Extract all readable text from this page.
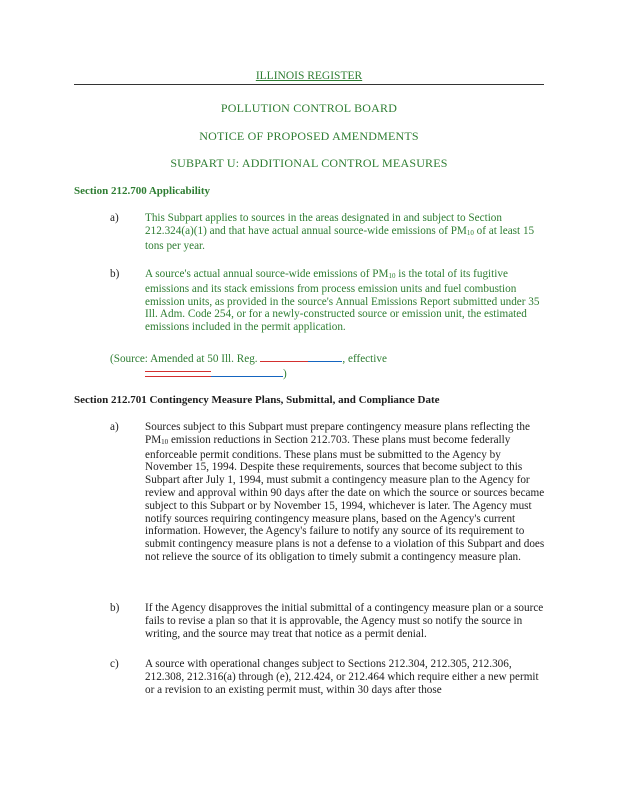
ILLINOIS REGISTER
POLLUTION CONTROL BOARD
NOTICE OF PROPOSED AMENDMENTS
SUBPART U: ADDITIONAL CONTROL MEASURES
Section 212.700 Applicability
a)	This Subpart applies to sources in the areas designated in and subject to Section 212.324(a)(1) and that have actual annual source-wide emissions of $PM_{10}$ of at least 15 tons per year.
b)	A source's actual annual source-wide emissions of $PM_{10}$ is the total of its fugitive emissions and its stack emissions from process emission units and fuel combustion emission units, as provided in the source's Annual Emissions Report submitted under 35 Ill. Adm. Code 254, or for a newly-constructed source or emission unit, the estimated emissions included in the permit application.
(Source: Amended at 50 Ill. Reg.	, effective
)
Section 212.701 Contingency Measure Plans, Submittal, and Compliance Date
a)	Sources subject to this Subpart must prepare contingency measure plans reflecting the $PM_{10}$ emission reductions in Section 212.703. These plans must become federally enforceable permit conditions. These plans must be submitted to the Agency by November 15, 1994. Despite these requirements, sources that become subject to this Subpart after July 1, 1994, must submit a contingency measure plan to the Agency for review and approval within 90 days after the date on which the source or sources became subject to this Subpart or by November 15, 1994, whichever is later. The Agency must notify sources requiring contingency measure plans, based on the Agency's current information. However, the Agency's failure to notify any source of its requirement to submit contingency measure plans is not a defense to a violation of this Subpart and does not relieve the source of its obligation to timely submit a contingency measure plan.
b)	If the Agency disapproves the initial submittal of a contingency measure plan or a source fails to revise a plan so that it is approvable, the Agency must so notify the source in writing, and the source may treat that notice as a permit denial.
c)	A source with operational changes subject to Sections 212.304, 212.305, 212.306, 212.308, 212.316(a) through (e), 212.424, or 212.464 which require either a new permit or a revision to an existing permit must, within 30 days after those
